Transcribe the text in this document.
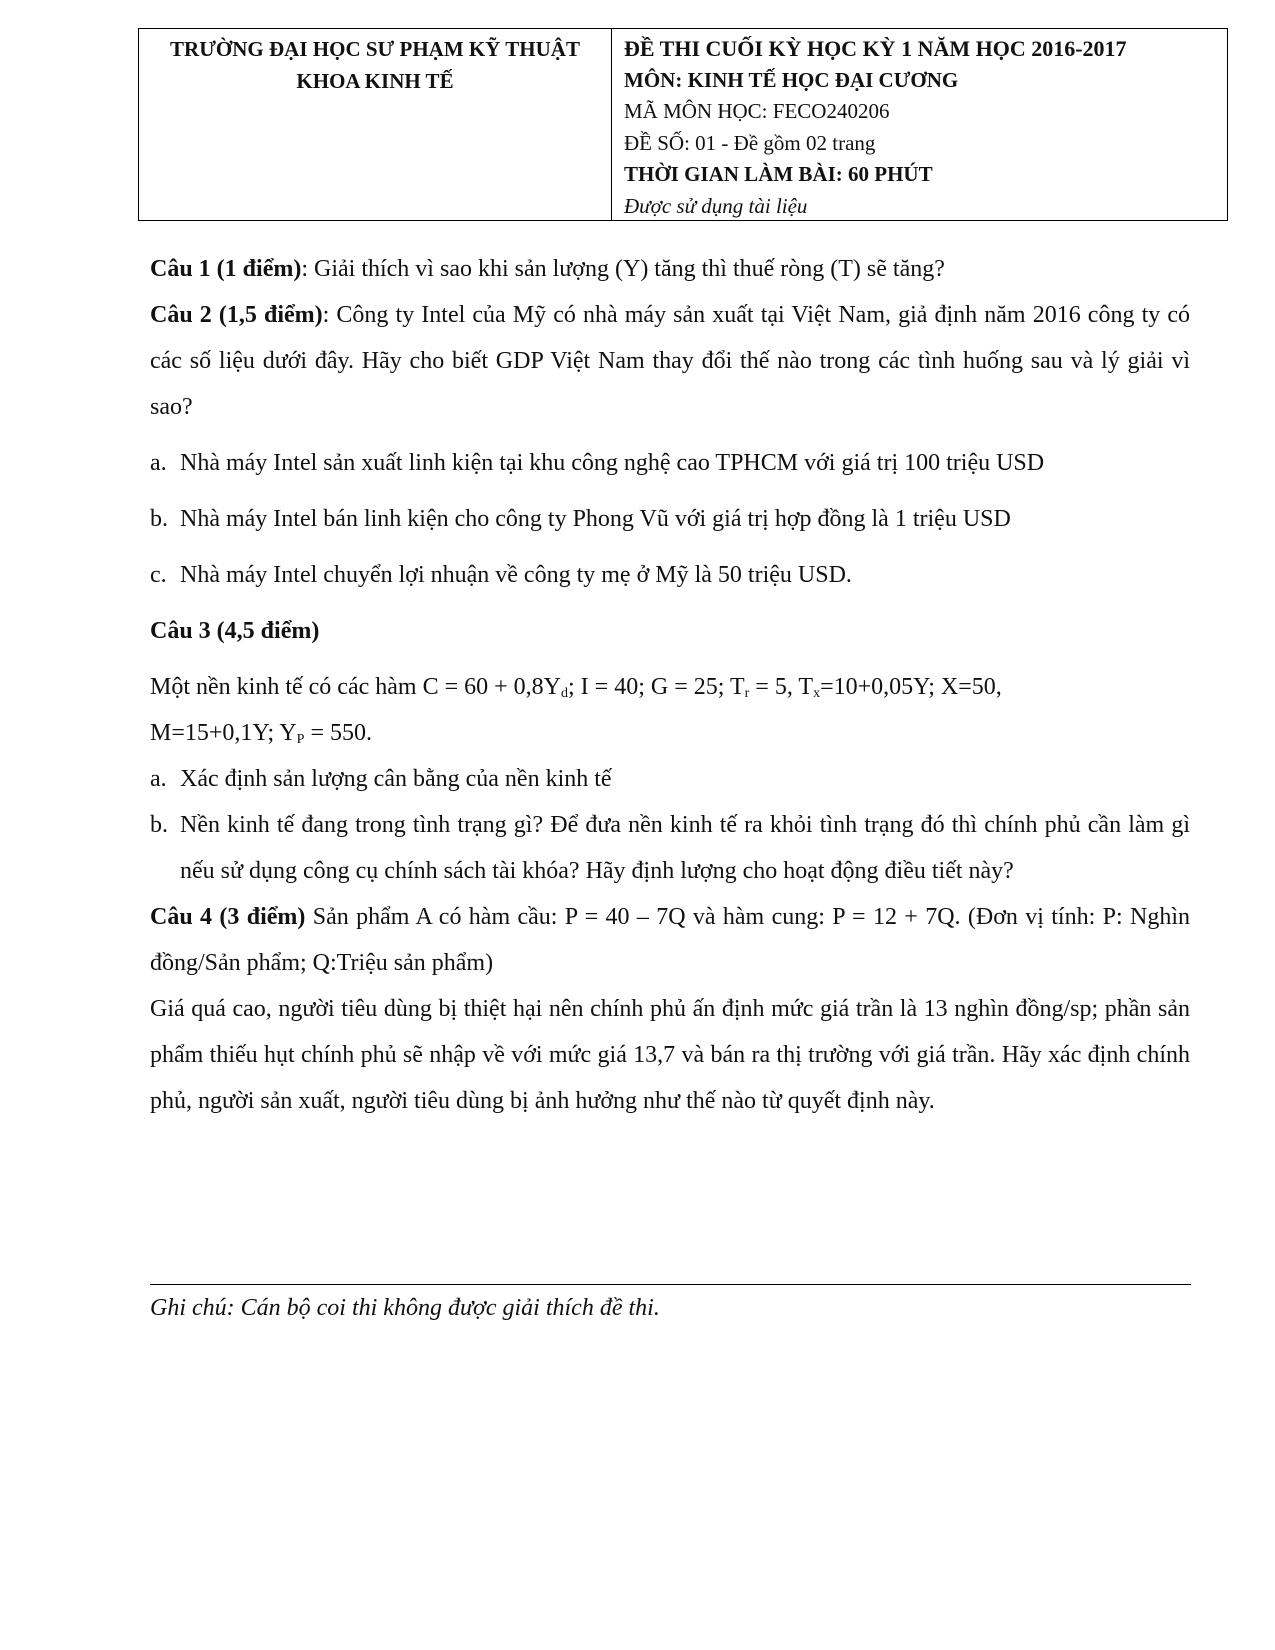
TRƯỜNG ĐẠI HỌC SƯ PHẠM KỸ THUẬT
KHOA KINH TẾ
ĐỀ THI CUỐI KỲ HỌC KỲ 1 NĂM HỌC 2016-2017
MÔN: KINH TẾ HỌC ĐẠI CƯƠNG
MÃ MÔN HỌC: FECO240206
ĐỀ SỐ: 01 - Đề gồm 02 trang
THỜI GIAN LÀM BÀI: 60 PHÚT
Được sử dụng tài liệu

Câu 1 (1 điểm): Giải thích vì sao khi sản lượng (Y) tăng thì thuế ròng (T) sẽ tăng?

Câu 2 (1,5 điểm): Công ty Intel của Mỹ có nhà máy sản xuất tại Việt Nam, giả định năm 2016 công ty có các số liệu dưới đây. Hãy cho biết GDP Việt Nam thay đổi thế nào trong các tình huống sau và lý giải vì sao?

a. Nhà máy Intel sản xuất linh kiện tại khu công nghệ cao TPHCM với giá trị 100 triệu USD
b. Nhà máy Intel bán linh kiện cho công ty Phong Vũ với giá trị hợp đồng là 1 triệu USD
c. Nhà máy Intel chuyển lợi nhuận về công ty mẹ ở Mỹ là 50 triệu USD.

Câu 3 (4,5 điểm)

Một nền kinh tế có các hàm $C = 60 + 0,8Y_d$; I = 40; G = 25; $T_r = 5$, $T_x=10+0,05Y$; X=50,

M=15+0,1Y; $Y_P = 550$.

a. Xác định sản lượng cân bằng của nền kinh tế
b. Nền kinh tế đang trong tình trạng gì? Để đưa nền kinh tế ra khỏi tình trạng đó thì chính phủ cần làm gì nếu sử dụng công cụ chính sách tài khóa? Hãy định lượng cho hoạt động điều tiết này?

Câu 4 (3 điểm) Sản phẩm A có hàm cầu: P = 40 – 7Q và hàm cung: P = 12 + 7Q. (Đơn vị tính: P: Nghìn đồng/Sản phẩm; Q:Triệu sản phẩm)

Giá quá cao, người tiêu dùng bị thiệt hại nên chính phủ ấn định mức giá trần là 13 nghìn đồng/sp; phần sản phẩm thiếu hụt chính phủ sẽ nhập về với mức giá 13,7 và bán ra thị trường với giá trần. Hãy xác định chính phủ, người sản xuất, người tiêu dùng bị ảnh hưởng như thế nào từ quyết định này.

Ghi chú: Cán bộ coi thi không được giải thích đề thi.
